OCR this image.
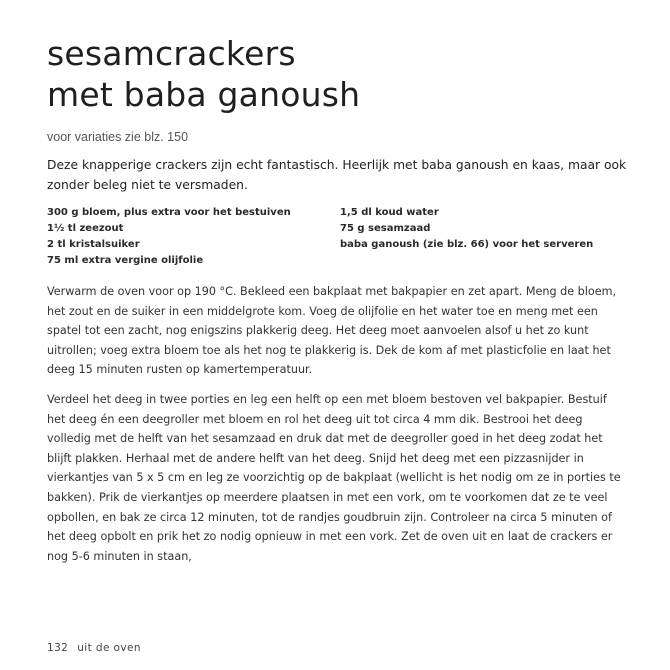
sesamcrackers
met baba ganoush
voor variaties zie blz. 150
Deze knapperige crackers zijn echt fantastisch. Heerlijk met baba ganoush en kaas, maar ook zonder beleg niet te versmaden.
300 g bloem, plus extra voor het bestuiven
1½ tl zeezout
2 tl kristalsuiker
75 ml extra vergine olijfolie
1,5 dl koud water
75 g sesamzaad
baba ganoush (zie blz. 66) voor het serveren
Verwarm de oven voor op 190 °C. Bekleed een bakplaat met bakpapier en zet apart. Meng de bloem, het zout en de suiker in een middelgrote kom. Voeg de olijfolie en het water toe en meng met een spatel tot een zacht, nog enigszins plakkerig deeg. Het deeg moet aanvoelen alsof u het zo kunt uitrollen; voeg extra bloem toe als het nog te plakkerig is. Dek de kom af met plasticfolie en laat het deeg 15 minuten rusten op kamertemperatuur.
Verdeel het deeg in twee porties en leg een helft op een met bloem bestoven vel bakpapier. Bestuif het deeg én een deegroller met bloem en rol het deeg uit tot circa 4 mm dik. Bestrooi het deeg volledig met de helft van het sesamzaad en druk dat met de deegroller goed in het deeg zodat het blijft plakken. Herhaal met de andere helft van het deeg. Snijd het deeg met een pizzasnijder in vierkantjes van 5 x 5 cm en leg ze voorzichtig op de bakplaat (wellicht is het nodig om ze in porties te bakken). Prik de vierkantjes op meerdere plaatsen in met een vork, om te voorkomen dat ze te veel opbollen, en bak ze circa 12 minuten, tot de randjes goudbruin zijn. Controleer na circa 5 minuten of het deeg opbolt en prik het zo nodig opnieuw in met een vork. Zet de oven uit en laat de crackers er nog 5-6 minuten in staan,
132 uit de oven
